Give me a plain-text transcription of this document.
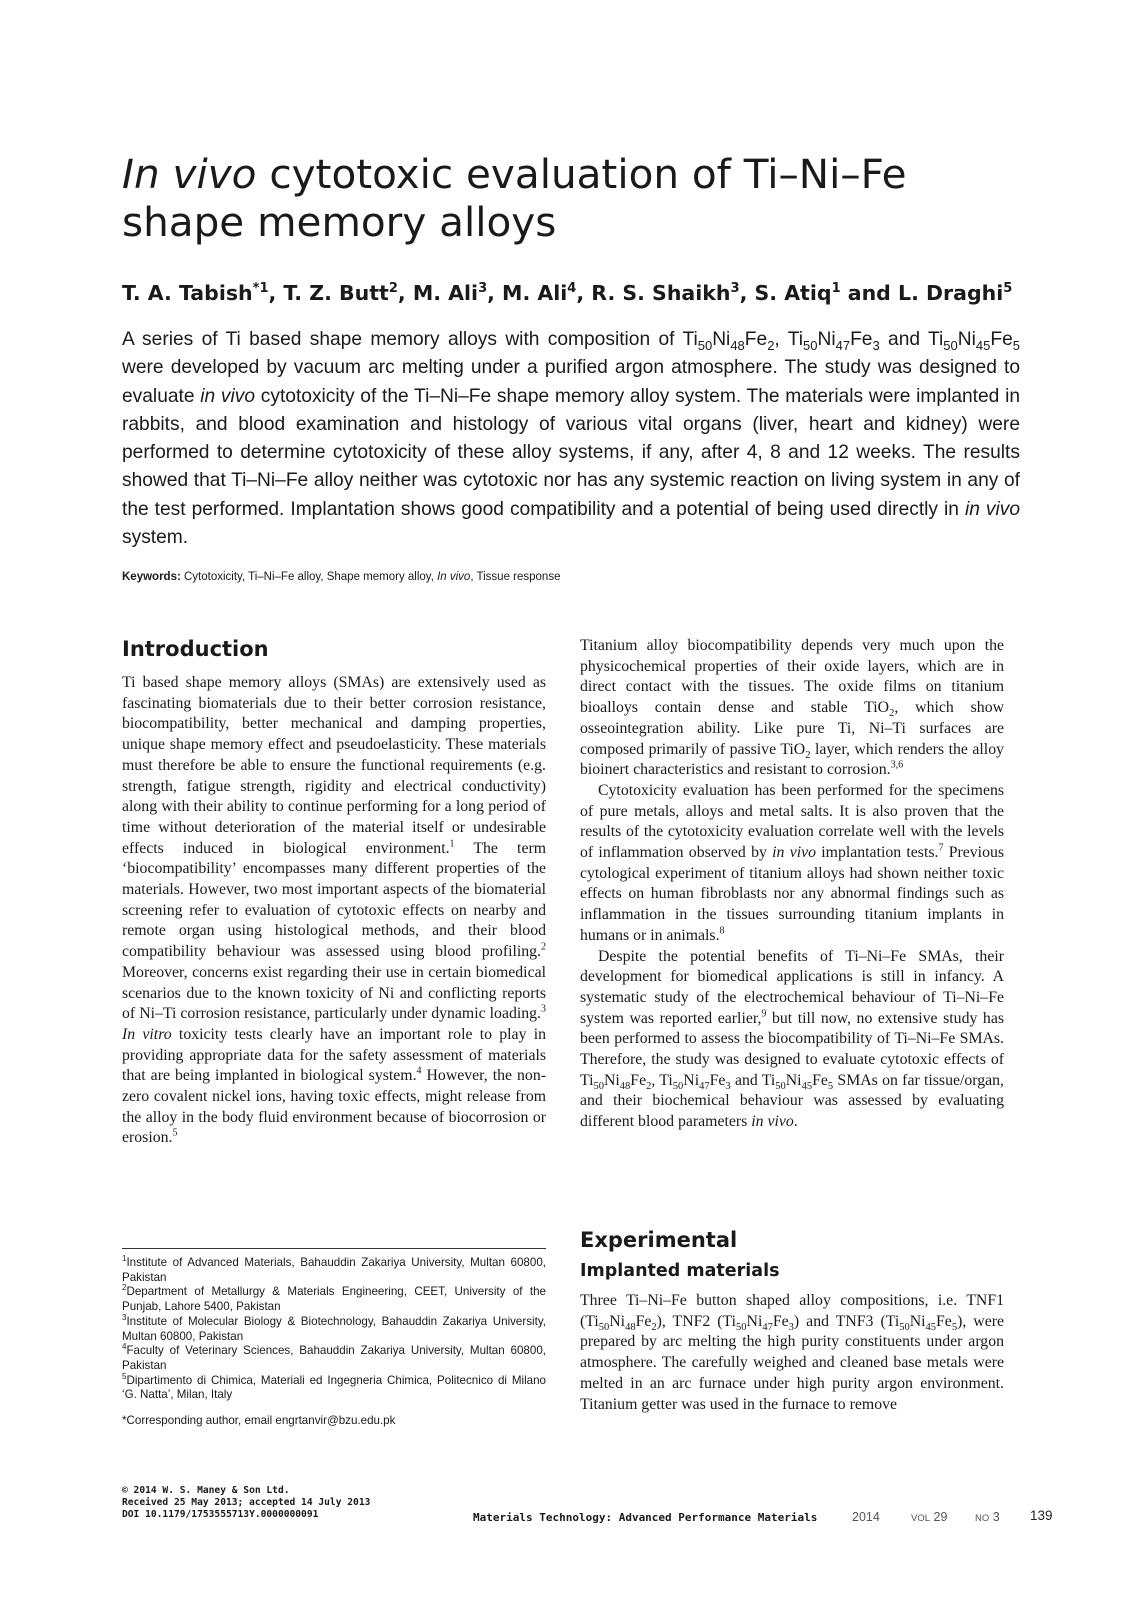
In vivo cytotoxic evaluation of Ti–Ni–Fe shape memory alloys
T. A. Tabish$^{*1}$, T. Z. Butt$^2$, M. Ali$^3$, M. Ali$^4$, R. S. Shaikh$^3$, S. Atiq$^1$ and L. Draghi$^5$

A series of Ti based shape memory alloys with composition of $Ti_{50}Ni_{48}Fe_2$, $Ti_{50}Ni_{47}Fe_3$ and $Ti_{50}Ni_{45}Fe_5$ were developed by vacuum arc melting under a purified argon atmosphere. The study was designed to evaluate in vivo cytotoxicity of the Ti–Ni–Fe shape memory alloy system. The materials were implanted in rabbits, and blood examination and histology of various vital organs (liver, heart and kidney) were performed to determine cytotoxicity of these alloy systems, if any, after 4, 8 and 12 weeks. The results showed that Ti–Ni–Fe alloy neither was cytotoxic nor has any systemic reaction on living system in any of the test performed. Implantation shows good compatibility and a potential of being used directly in in vivo system.

Keywords: Cytotoxicity, Ti–Ni–Fe alloy, Shape memory alloy, In vivo, Tissue response
Introduction

Ti based shape memory alloys (SMAs) are extensively used as fascinating biomaterials due to their better corrosion resistance, biocompatibility, better mechanical and damping properties, unique shape memory effect and pseudoelasticity. These materials must therefore be able to ensure the functional requirements (e.g. strength, fatigue strength, rigidity and electrical conductivity) along with their ability to continue performing for a long period of time without deterioration of the material itself or undesirable effects induced in biological environment.$^1$ The term ‘biocompatibility’ encompasses many different properties of the materials. However, two most important aspects of the biomaterial screening refer to evaluation of cytotoxic effects on nearby and remote organ using histological methods, and their blood compatibility behaviour was assessed using blood profiling.$^2$ Moreover, concerns exist regarding their use in certain biomedical scenarios due to the known toxicity of Ni and conflicting reports of Ni–Ti corrosion resistance, particularly under dynamic loading.$^3$ In vitro toxicity tests clearly have an important role to play in providing appropriate data for the safety assessment of materials that are being implanted in biological system.$^4$ However, the non-zero covalent nickel ions, having toxic effects, might release from the alloy in the body fluid environment because of biocorrosion or erosion.$^5$

Titanium alloy biocompatibility depends very much upon the physicochemical properties of their oxide layers, which are in direct contact with the tissues. The oxide films on titanium bioalloys contain dense and stable TiO$_2$, which show osseointegration ability. Like pure Ti, Ni–Ti surfaces are composed primarily of passive TiO$_2$ layer, which renders the alloy bioinert characteristics and resistant to corrosion.$^{3,6}$

Cytotoxicity evaluation has been performed for the specimens of pure metals, alloys and metal salts. It is also proven that the results of the cytotoxicity evaluation correlate well with the levels of inflammation observed by in vivo implantation tests.$^7$ Previous cytological experiment of titanium alloys had shown neither toxic effects on human fibroblasts nor any abnormal findings such as inflammation in the tissues surrounding titanium implants in humans or in animals.$^8$

Despite the potential benefits of Ti–Ni–Fe SMAs, their development for biomedical applications is still in infancy. A systematic study of the electrochemical behaviour of Ti–Ni–Fe system was reported earlier,$^9$ but till now, no extensive study has been performed to assess the biocompatibility of Ti–Ni–Fe SMAs. Therefore, the study was designed to evaluate cytotoxic effects of $Ti_{50}Ni_{48}Fe_2$, $Ti_{50}Ni_{47}Fe_3$ and $Ti_{50}Ni_{45}Fe_5$ SMAs on far tissue/organ, and their biochemical behaviour was assessed by evaluating different blood parameters in vivo.

Experimental
Implanted materials

Three Ti–Ni–Fe button shaped alloy compositions, i.e. TNF1 $(Ti_{50}Ni_{48}Fe_2)$, TNF2 $(Ti_{50}Ni_{47}Fe_3)$ and TNF3 $(Ti_{50}Ni_{45}Fe_5)$, were prepared by arc melting the high purity constituents under argon atmosphere. The carefully weighed and cleaned base metals were melted in an arc furnace under high purity argon environment. Titanium getter was used in the furnace to remove

$^1$Institute of Advanced Materials, Bahauddin Zakariya University, Multan 60800, Pakistan

$^2$Department of Metallurgy & Materials Engineering, CEET, University of the Punjab, Lahore 5400, Pakistan

$^3$Institute of Molecular Biology & Biotechnology, Bahauddin Zakariya University, Multan 60800, Pakistan

$^4$Faculty of Veterinary Sciences, Bahauddin Zakariya University, Multan 60800, Pakistan

$^5$Dipartimento di Chimica, Materiali ed Ingegneria Chimica, Politecnico di Milano ‘G. Natta’, Milan, Italy

*Corresponding author, email engrtanvir@bzu.edu.pk

© 2014 W. S. Maney & Son Ltd.
Received 25 May 2013; accepted 14 July 2013
DOI 10.1179/1753555713Y.0000000091	Materials Technology: Advanced Performance Materials	2014	VOL 29	NO 3 139
